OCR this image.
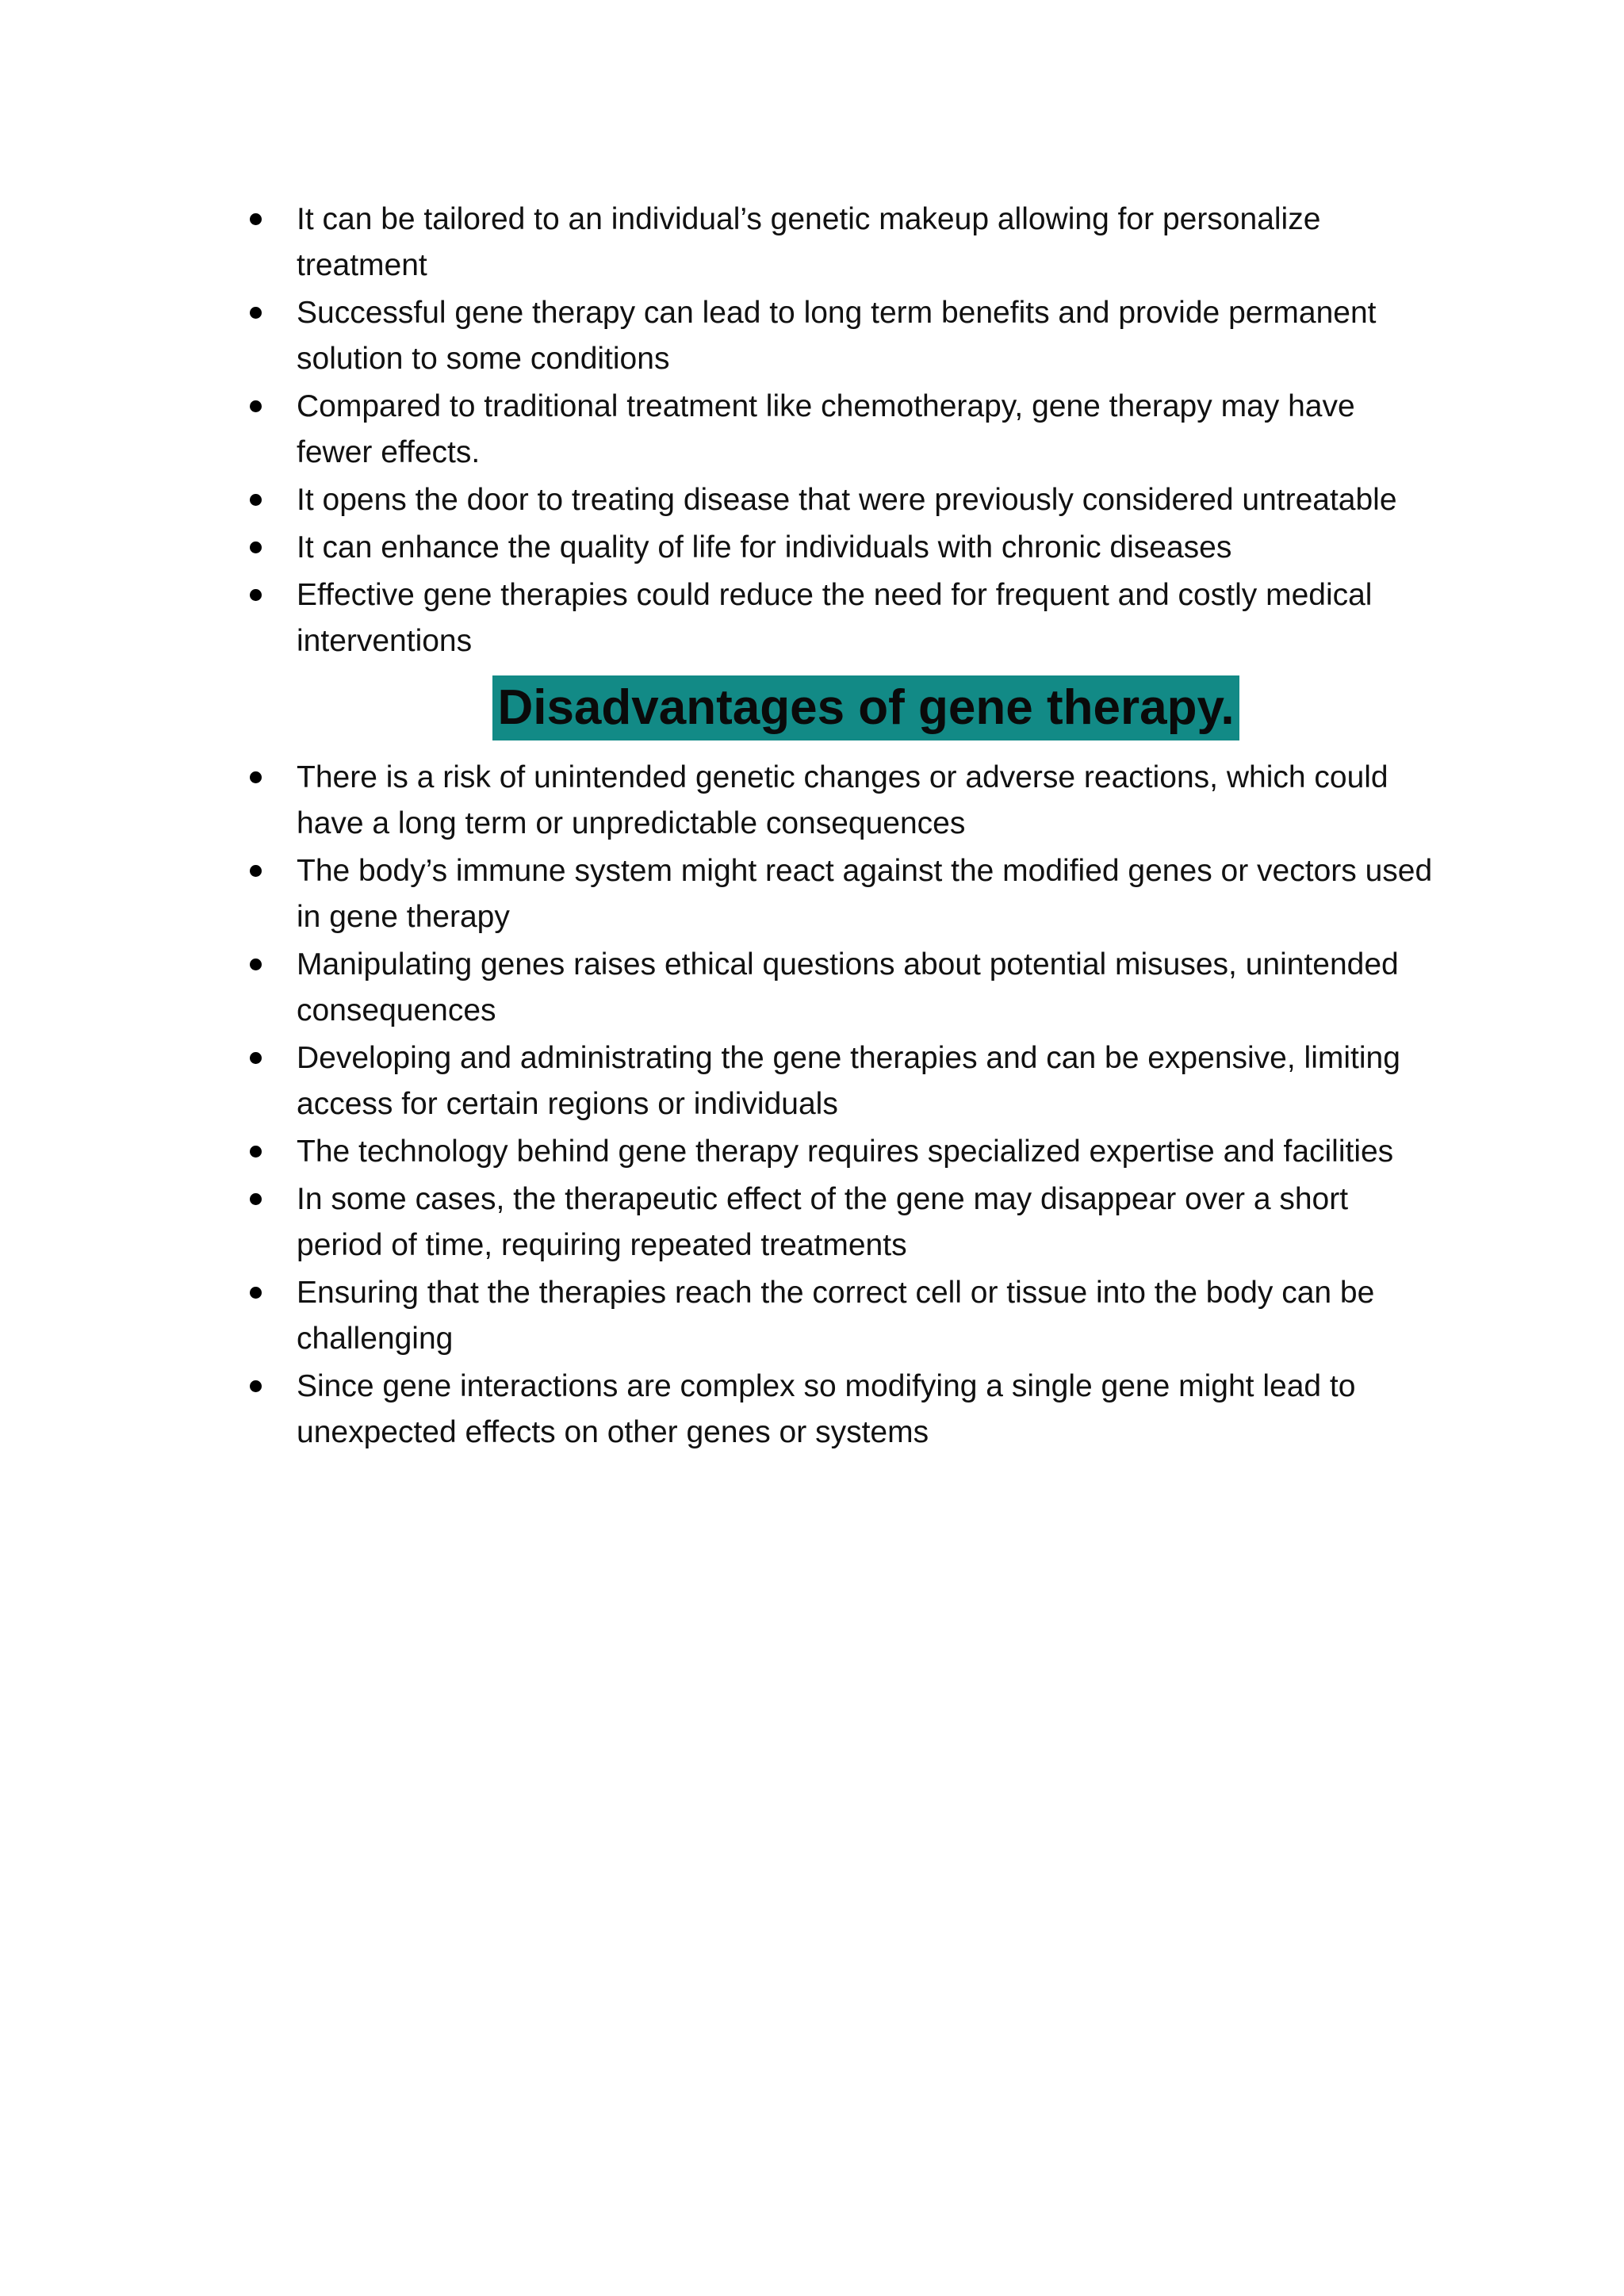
It can be tailored to an individual’s genetic makeup allowing for personalize treatment
Successful gene therapy can lead to long term benefits and provide permanent solution to some conditions
Compared to traditional treatment like chemotherapy, gene therapy may have fewer effects.
It opens the door to treating disease that were previously considered untreatable
It can enhance the quality of life for individuals with chronic diseases
Effective gene therapies could reduce the need for frequent and costly medical interventions
Disadvantages of gene therapy.
There is a risk of unintended genetic changes or adverse reactions, which could have a long term or unpredictable consequences
The body’s immune system might react against the modified genes or vectors used in gene therapy
Manipulating genes raises ethical questions about potential misuses, unintended consequences
Developing and administrating the gene therapies and can be expensive, limiting access for certain regions or individuals
The technology behind gene therapy requires specialized expertise and facilities
In some cases, the therapeutic effect of the gene may disappear over a short period of time, requiring repeated treatments
Ensuring that the therapies reach the correct cell or tissue into the body can be challenging
Since gene interactions are complex so modifying a single gene might lead to unexpected effects on other genes or systems
